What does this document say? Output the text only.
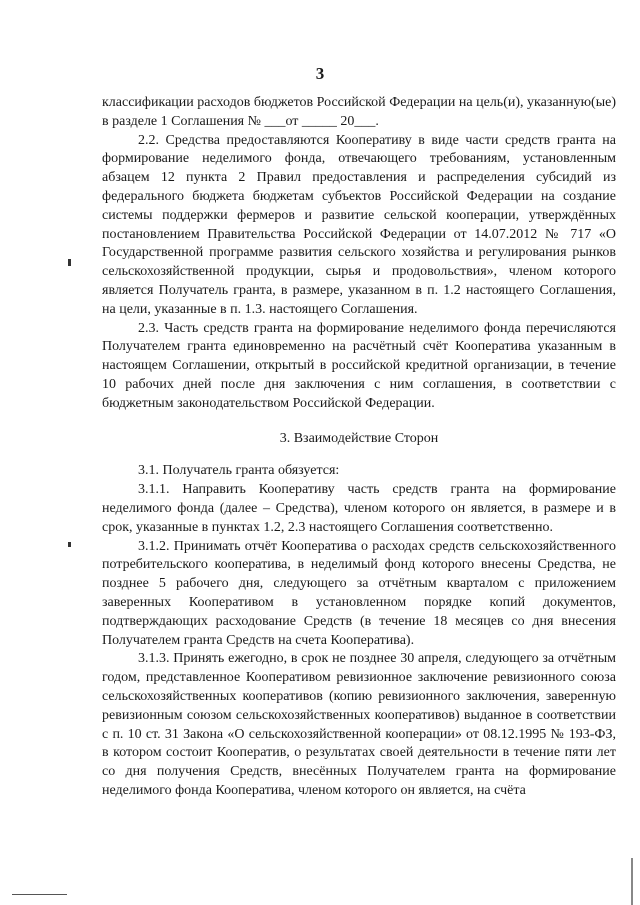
3

классификации расходов бюджетов Российской Федерации на цель(и), указанную(ые) в разделе 1 Соглашения № ___от _____ 20___.

2.2. Средства предоставляются Кооперативу в виде части средств гранта на формирование неделимого фонда, отвечающего требованиям, установленным абзацем 12 пункта 2 Правил предоставления и распределения субсидий из федерального бюджета бюджетам субъектов Российской Федерации на создание системы поддержки фермеров и развитие сельской кооперации, утверждённых постановлением Правительства Российской Федерации от 14.07.2012 № 717 «О Государственной программе развития сельского хозяйства и регулирования рынков сельскохозяйственной продукции, сырья и продовольствия», членом которого является Получатель гранта, в размере, указанном в п. 1.2 настоящего Соглашения, на цели, указанные в п. 1.3. настоящего Соглашения.

2.3. Часть средств гранта на формирование неделимого фонда перечисляются Получателем гранта единовременно на расчётный счёт Кооператива указанным в настоящем Соглашении, открытый в российской кредитной организации, в течение 10 рабочих дней после дня заключения с ним соглашения, в соответствии с бюджетным законодательством Российской Федерации.

3. Взаимодействие Сторон

3.1. Получатель гранта обязуется:

3.1.1. Направить Кооперативу часть средств гранта на формирование неделимого фонда (далее – Средства), членом которого он является, в размере и в срок, указанные в пунктах 1.2, 2.3 настоящего Соглашения соответственно.

3.1.2. Принимать отчёт Кооператива о расходах средств сельскохозяйственного потребительского кооператива, в неделимый фонд которого внесены Средства, не позднее 5 рабочего дня, следующего за отчётным кварталом с приложением заверенных Кооперативом в установленном порядке копий документов, подтверждающих расходование Средств (в течение 18 месяцев со дня внесения Получателем гранта Средств на счета Кооператива).

3.1.3. Принять ежегодно, в срок не позднее 30 апреля, следующего за отчётным годом, представленное Кооперативом ревизионное заключение ревизионного союза сельскохозяйственных кооперативов (копию ревизионного заключения, заверенную ревизионным союзом сельскохозяйственных кооперативов) выданное в соответствии с п. 10 ст. 31 Закона «О сельскохозяйственной кооперации» от 08.12.1995 № 193-ФЗ, в котором состоит Кооператив, о результатах своей деятельности в течение пяти лет со дня получения Средств, внесённых Получателем гранта на формирование неделимого фонда Кооператива, членом которого он является, на счёта
